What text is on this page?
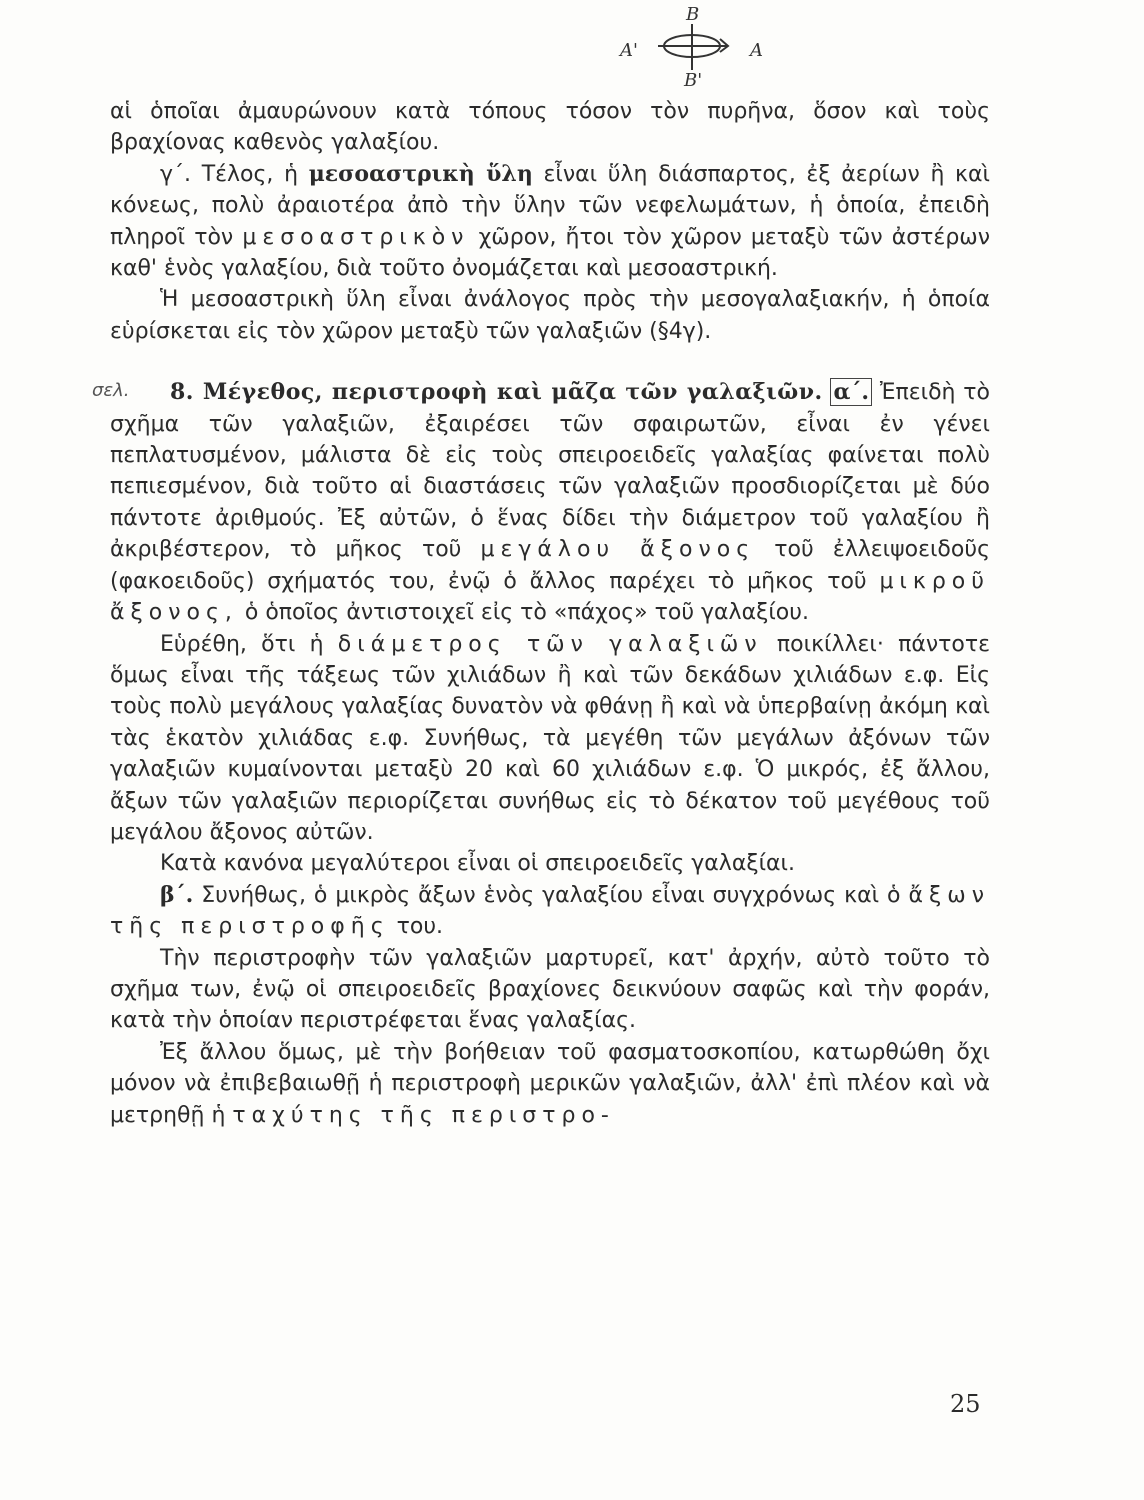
B
B'
A'	A

αἱ ὁποῖαι ἀμαυρώνουν κατὰ τόπους τόσον τὸν πυρῆνα, ὅσον καὶ τοὺς βραχίονας καθενὸς γαλαξίου.

γ΄. Τέλος, ἡ μεσοαστρικὴ ὕλη εἶναι ὕλη διάσπαρτος, ἐξ ἀερίων ἢ καὶ κόνεως, πολὺ ἀραιοτέρα ἀπὸ τὴν ὕλην τῶν νεφελωμάτων, ἡ ὁποία, ἐπειδὴ πληροῖ τὸν μεσοαστρικὸν χῶρον, ἤτοι τὸν χῶρον μεταξὺ τῶν ἀστέρων καθ' ἑνὸς γαλαξίου, διὰ τοῦτο ὀνομάζεται καὶ μεσοαστρική.

Ἡ μεσοαστρικὴ ὕλη εἶναι ἀνάλογος πρὸς τὴν μεσογαλαξιακήν, ἡ ὁποία εὑρίσκεται εἰς τὸν χῶρον μεταξὺ τῶν γαλαξιῶν (§4γ).

σελ. 8. Μέγεθος, περιστροφὴ καὶ μᾶζα τῶν γαλαξιῶν. α΄. Ἐπειδὴ τὸ σχῆμα τῶν γαλαξιῶν, ἐξαιρέσει τῶν σφαιρωτῶν, εἶναι ἐν γένει πεπλατυσμένον, μάλιστα δὲ εἰς τοὺς σπειροειδεῖς γαλαξίας φαίνεται πολὺ πεπιεσμένον, διὰ τοῦτο αἱ διαστάσεις τῶν γαλαξιῶν προσδιορίζεται μὲ δύο πάντοτε ἀριθμούς. Ἐξ αὐτῶν, ὁ ἕνας δίδει τὴν διάμετρον τοῦ γαλαξίου ἢ ἀκριβέστερον, τὸ μῆκος τοῦ μεγάλου ἄξονος τοῦ ἐλλειψοειδοῦς (φακοειδοῦς) σχήματός του, ἐνῷ ὁ ἄλλος παρέχει τὸ μῆκος τοῦ μικροῦ ἄξονος, ὁ ὁποῖος ἀντιστοιχεῖ εἰς τὸ «πάχος» τοῦ γαλαξίου.

Εὑρέθη, ὅτι ἡ διάμετρος τῶν γαλαξιῶν ποικίλλει· πάντοτε ὅμως εἶναι τῆς τάξεως τῶν χιλιάδων ἢ καὶ τῶν δεκάδων χιλιάδων ε.φ. Εἰς τοὺς πολὺ μεγάλους γαλαξίας δυνατὸν νὰ φθάνῃ ἢ καὶ νὰ ὑπερβαίνῃ ἀκόμη καὶ τὰς ἑκατὸν χιλιάδας ε.φ. Συνήθως, τὰ μεγέθη τῶν μεγάλων ἀξόνων τῶν γαλαξιῶν κυμαίνονται μεταξὺ 20 καὶ 60 χιλιάδων ε.φ. Ὁ μικρός, ἐξ ἄλλου, ἄξων τῶν γαλαξιῶν περιορίζεται συνήθως εἰς τὸ δέκατον τοῦ μεγέθους τοῦ μεγάλου ἄξονος αὐτῶν.

Κατὰ κανόνα μεγαλύτεροι εἶναι οἱ σπειροειδεῖς γαλαξίαι.

β΄. Συνήθως, ὁ μικρὸς ἄξων ἑνὸς γαλαξίου εἶναι συγχρόνως καὶ ὁ ἄξων τῆς περιστροφῆς του.

Τὴν περιστροφὴν τῶν γαλαξιῶν μαρτυρεῖ, κατ' ἀρχήν, αὐτὸ τοῦτο τὸ σχῆμα των, ἐνῷ οἱ σπειροειδεῖς βραχίονες δεικνύουν σαφῶς καὶ τὴν φοράν, κατὰ τὴν ὁποίαν περιστρέφεται ἕνας γαλαξίας.

Ἐξ ἄλλου ὅμως, μὲ τὴν βοήθειαν τοῦ φασματοσκοπίου, κατωρθώθη ὄχι μόνον νὰ ἐπιβεβαιωθῇ ἡ περιστροφὴ μερικῶν γαλαξιῶν, ἀλλ' ἐπὶ πλέον καὶ νὰ μετρηθῇ ἡ ταχύτης τῆς περιστρο-

25
